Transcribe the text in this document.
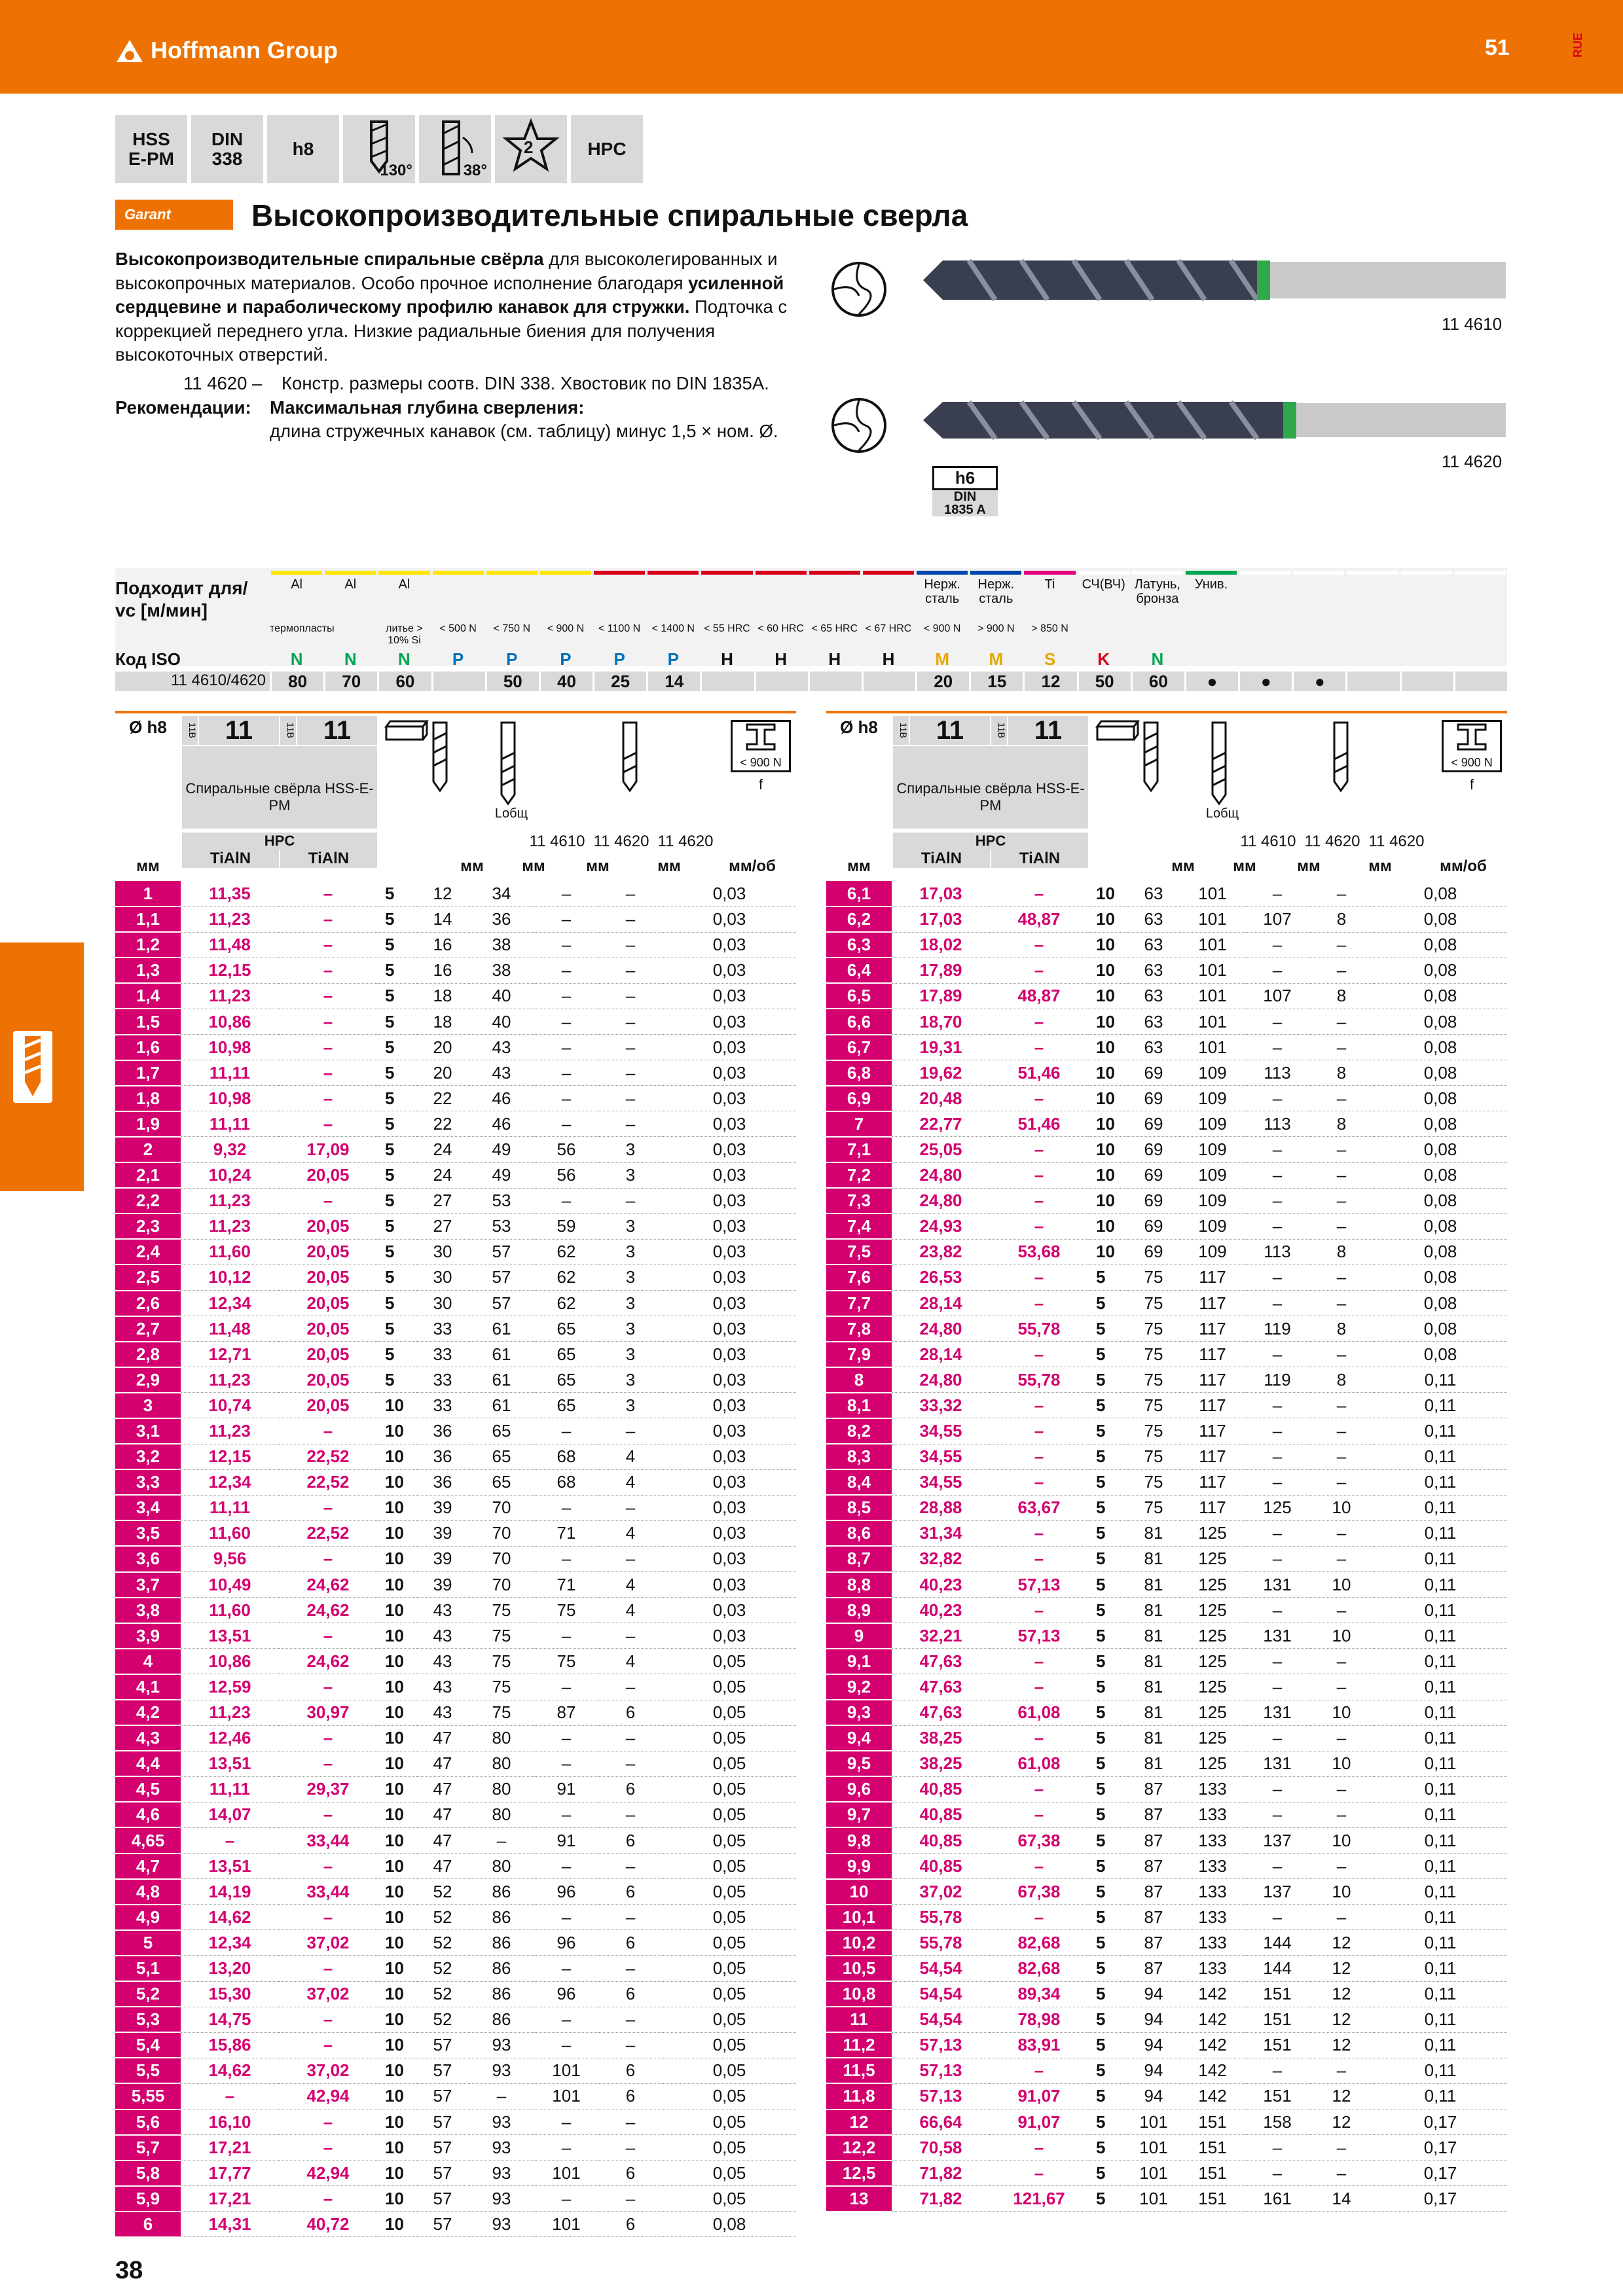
Hoffmann Group	51	RUE
HSS
E-PM
DIN
338	h8
130°	38°
2	HPC
Garant	Высокопроизводительные спиральные сверла
Высокопроизводительные спиральные свёрла для высоколегированных и высокопрочных материалов. Особо прочное исполнение благодаря усиленной сердцевине и параболическому профилю канавок для стружки. Подточка с коррекцией переднего угла. Низкие радиальные биения для получения высокоточных отверстий.
11 4620 –	Констр. размеры соотв. DIN 338. Хвостовик по DIN 1835A.
Рекомендации:	Максимальная глубина сверления:
длина стружечных канавок (см. таблицу) минус 1,5 × ном. Ø.
11 4610
11 4620
h6
DIN
1835 A
Подходит для/
vc [м/мин]
Код ISO
11 4610/4620
Al
термопласты
N
80
Al
N
70
Al
литье > 10% Si
N
60
< 500 N
P
< 750 N
P
50
< 900 N
P
40
< 1100 N
P
25
< 1400 N
P
14
< 55 HRC
H
< 60 HRC
H
< 65 HRC
H
< 67 HRC
H
Нерж. сталь
< 900 N
M
20
Нерж. сталь
> 900 N
M
15
Ti
> 850 N
S
12
СЧ(ВЧ)
K
50
Латунь, бронза
N
60
Унив.
●	●	●
Ø h8	11B	11	11B	11
Спиральные свёрла HSS-E-PM
HPC
TiAlN	TiAlN
Lобщ
< 900 N
f
11 4610 11 4620 11 4620
Ø h8	11B	11	11B	11
Спиральные свёрла HSS-E-PM
HPC
TiAlN	TiAlN
Lобщ
< 900 N
f
11 4610 11 4620 11 4620
мм	мм	мм	мм	мм	мм/об	мм	мм	мм	мм	мм	мм/об
1	11,35	–	5	12	34	–	–	0,03
1,1	11,23	–	5	14	36	–	–	0,03
1,2	11,48	–	5	16	38	–	–	0,03
1,3	12,15	–	5	16	38	–	–	0,03
1,4	11,23	–	5	18	40	–	–	0,03
1,5	10,86	–	5	18	40	–	–	0,03
1,6	10,98	–	5	20	43	–	–	0,03
1,7	11,11	–	5	20	43	–	–	0,03
1,8	10,98	–	5	22	46	–	–	0,03
1,9	11,11	–	5	22	46	–	–	0,03
2	9,32	17,09	5	24	49	56	3	0,03
2,1	10,24	20,05	5	24	49	56	3	0,03
2,2	11,23	–	5	27	53	–	–	0,03
2,3	11,23	20,05	5	27	53	59	3	0,03
2,4	11,60	20,05	5	30	57	62	3	0,03
2,5	10,12	20,05	5	30	57	62	3	0,03
2,6	12,34	20,05	5	30	57	62	3	0,03
2,7	11,48	20,05	5	33	61	65	3	0,03
2,8	12,71	20,05	5	33	61	65	3	0,03
2,9	11,23	20,05	5	33	61	65	3	0,03
3	10,74	20,05	10	33	61	65	3	0,03
3,1	11,23	–	10	36	65	–	–	0,03
3,2	12,15	22,52	10	36	65	68	4	0,03
3,3	12,34	22,52	10	36	65	68	4	0,03
3,4	11,11	–	10	39	70	–	–	0,03
3,5	11,60	22,52	10	39	70	71	4	0,03
3,6	9,56	–	10	39	70	–	–	0,03
3,7	10,49	24,62	10	39	70	71	4	0,03
3,8	11,60	24,62	10	43	75	75	4	0,03
3,9	13,51	–	10	43	75	–	–	0,03
4	10,86	24,62	10	43	75	75	4	0,05
4,1	12,59	–	10	43	75	–	–	0,05
4,2	11,23	30,97	10	43	75	87	6	0,05
4,3	12,46	–	10	47	80	–	–	0,05
4,4	13,51	–	10	47	80	–	–	0,05
4,5	11,11	29,37	10	47	80	91	6	0,05
4,6	14,07	–	10	47	80	–	–	0,05
4,65	–	33,44	10	47	–	91	6	0,05
4,7	13,51	–	10	47	80	–	–	0,05
4,8	14,19	33,44	10	52	86	96	6	0,05
4,9	14,62	–	10	52	86	–	–	0,05
5	12,34	37,02	10	52	86	96	6	0,05
5,1	13,20	–	10	52	86	–	–	0,05
5,2	15,30	37,02	10	52	86	96	6	0,05
5,3	14,75	–	10	52	86	–	–	0,05
5,4	15,86	–	10	57	93	–	–	0,05
5,5	14,62	37,02	10	57	93	101	6	0,05
5,55	–	42,94	10	57	–	101	6	0,05
5,6	16,10	–	10	57	93	–	–	0,05
5,7	17,21	–	10	57	93	–	–	0,05
5,8	17,77	42,94	10	57	93	101	6	0,05
5,9	17,21	–	10	57	93	–	–	0,05
6	14,31	40,72	10	57	93	101	6	0,08
6,1	17,03	–	10	63	101	–	–	0,08
6,2	17,03	48,87	10	63	101	107	8	0,08
6,3	18,02	–	10	63	101	–	–	0,08
6,4	17,89	–	10	63	101	–	–	0,08
6,5	17,89	48,87	10	63	101	107	8	0,08
6,6	18,70	–	10	63	101	–	–	0,08
6,7	19,31	–	10	63	101	–	–	0,08
6,8	19,62	51,46	10	69	109	113	8	0,08
6,9	20,48	–	10	69	109	–	–	0,08
7	22,77	51,46	10	69	109	113	8	0,08
7,1	25,05	–	10	69	109	–	–	0,08
7,2	24,80	–	10	69	109	–	–	0,08
7,3	24,80	–	10	69	109	–	–	0,08
7,4	24,93	–	10	69	109	–	–	0,08
7,5	23,82	53,68	10	69	109	113	8	0,08
7,6	26,53	–	5	75	117	–	–	0,08
7,7	28,14	–	5	75	117	–	–	0,08
7,8	24,80	55,78	5	75	117	119	8	0,08
7,9	28,14	–	5	75	117	–	–	0,08
8	24,80	55,78	5	75	117	119	8	0,11
8,1	33,32	–	5	75	117	–	–	0,11
8,2	34,55	–	5	75	117	–	–	0,11
8,3	34,55	–	5	75	117	–	–	0,11
8,4	34,55	–	5	75	117	–	–	0,11
8,5	28,88	63,67	5	75	117	125	10	0,11
8,6	31,34	–	5	81	125	–	–	0,11
8,7	32,82	–	5	81	125	–	–	0,11
8,8	40,23	57,13	5	81	125	131	10	0,11
8,9	40,23	–	5	81	125	–	–	0,11
9	32,21	57,13	5	81	125	131	10	0,11
9,1	47,63	–	5	81	125	–	–	0,11
9,2	47,63	–	5	81	125	–	–	0,11
9,3	47,63	61,08	5	81	125	131	10	0,11
9,4	38,25	–	5	81	125	–	–	0,11
9,5	38,25	61,08	5	81	125	131	10	0,11
9,6	40,85	–	5	87	133	–	–	0,11
9,7	40,85	–	5	87	133	–	–	0,11
9,8	40,85	67,38	5	87	133	137	10	0,11
9,9	40,85	–	5	87	133	–	–	0,11
10	37,02	67,38	5	87	133	137	10	0,11
10,1	55,78	–	5	87	133	–	–	0,11
10,2	55,78	82,68	5	87	133	144	12	0,11
10,5	54,54	82,68	5	87	133	144	12	0,11
10,8	54,54	89,34	5	94	142	151	12	0,11
11	54,54	78,98	5	94	142	151	12	0,11
11,2	57,13	83,91	5	94	142	151	12	0,11
11,5	57,13	–	5	94	142	–	–	0,11
11,8	57,13	91,07	5	94	142	151	12	0,11
12	66,64	91,07	5	101	151	158	12	0,17
12,2	70,58	–	5	101	151	–	–	0,17
12,5	71,82	–	5	101	151	–	–	0,17
13	71,82	121,67	5	101	151	161	14	0,17
38
